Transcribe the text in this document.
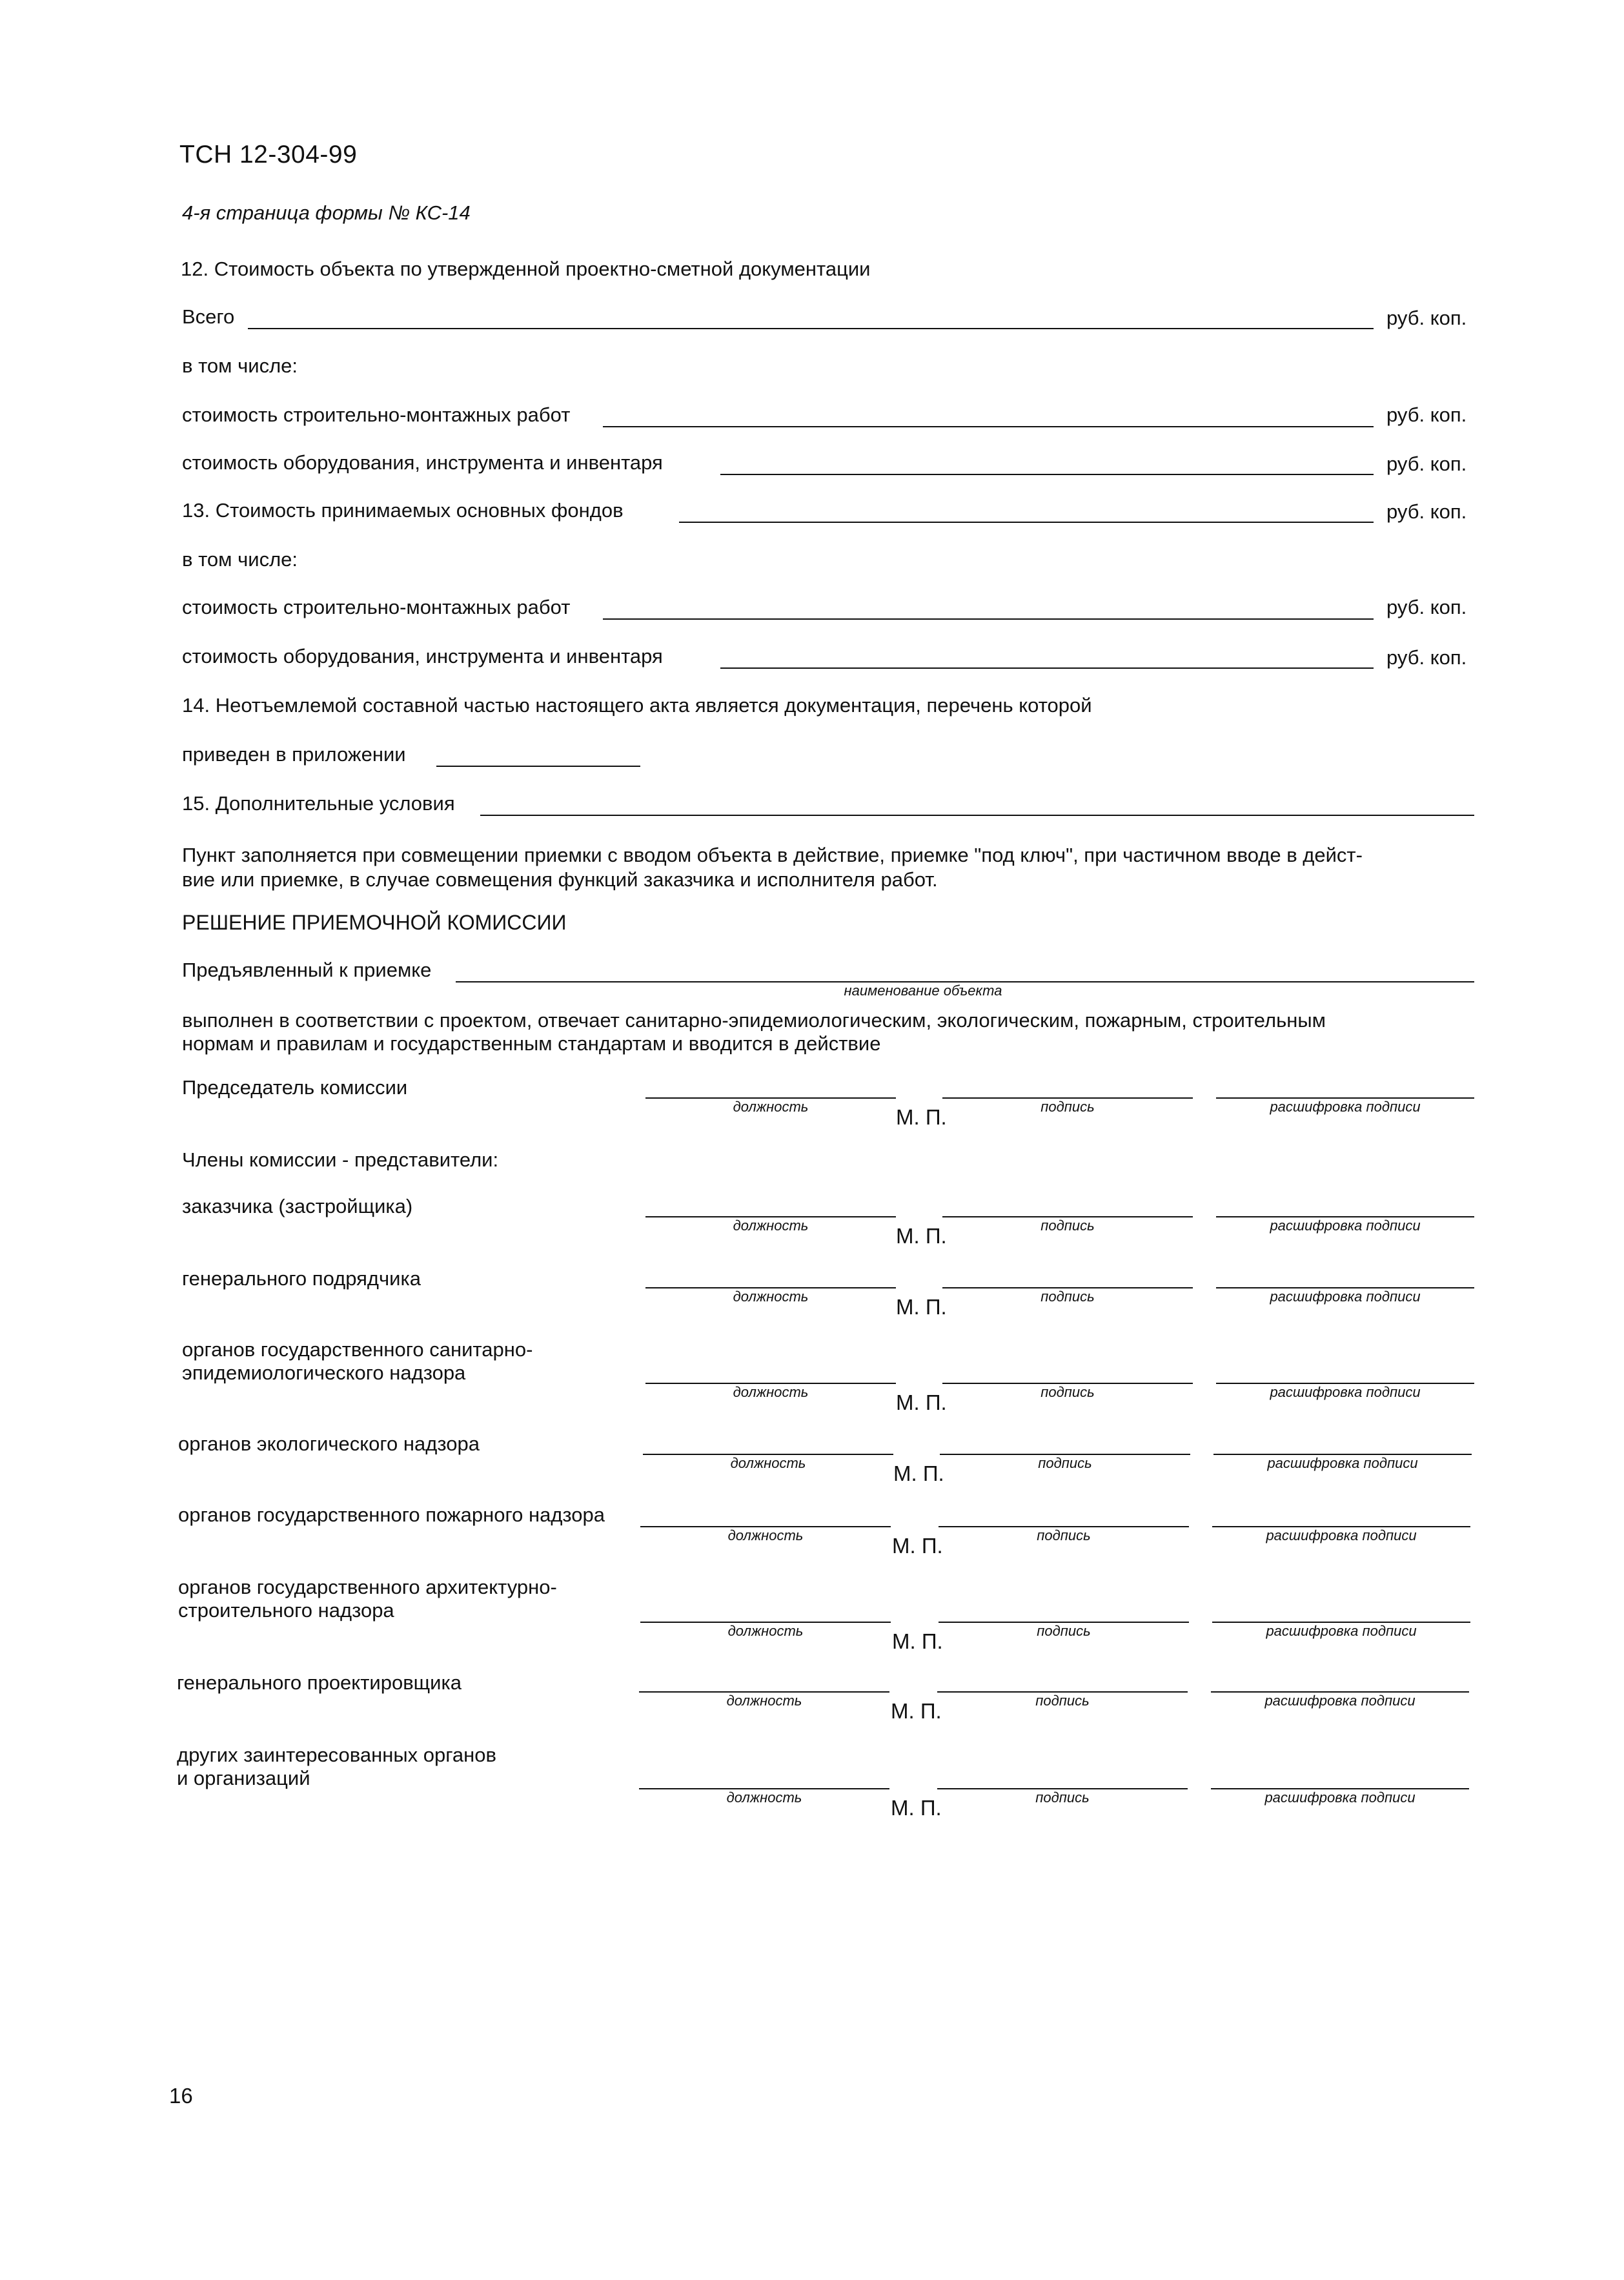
ТСН 12-304-99
4-я страница формы № КС-14
12. Стоимость объекта по утвержденной проектно-сметной документации
Всего	руб. коп.
в том числе:
стоимость строительно-монтажных работ	руб. коп.
стоимость оборудования, инструмента и инвентаря	руб. коп.
13. Стоимость принимаемых основных фондов	руб. коп.
в том числе:
стоимость строительно-монтажных работ	руб. коп.
стоимость оборудования, инструмента и инвентаря	руб. коп.
14. Неотъемлемой составной частью настоящего акта является документация, перечень которой
приведен в приложении
15. Дополнительные условия
Пункт заполняется при совмещении приемки с вводом объекта в действие, приемке "под ключ", при частичном вводе в дейст-
вие или приемке, в случае совмещения функций заказчика и исполнителя работ.
РЕШЕНИЕ ПРИЕМОЧНОЙ КОМИССИИ
Предъявленный к приемке
наименование объекта
выполнен в соответствии с проектом, отвечает санитарно-эпидемиологическим, экологическим, пожарным, строительным
нормам и правилам и государственным стандартам и вводится в действие
Председатель комиссии
должность	М. П.	подпись	расшифровка подписи
Члены комиссии - представители:
заказчика (застройщика)
должность	М. П.	подпись	расшифровка подписи
генерального подрядчика
должность	М. П.	подпись	расшифровка подписи
органов государственного санитарно-
эпидемиологического надзора
должность	М. П.	подпись	расшифровка подписи
органов экологического надзора
должность	М. П.	подпись	расшифровка подписи
органов государственного пожарного надзора
должность	М. П.	подпись	расшифровка подписи
органов государственного архитектурно-
строительного надзора
должность	М. П.	подпись	расшифровка подписи
генерального проектировщика
должность	М. П.	подпись	расшифровка подписи
других заинтересованных органов
и организаций
должность	М. П.	подпись	расшифровка подписи
16
